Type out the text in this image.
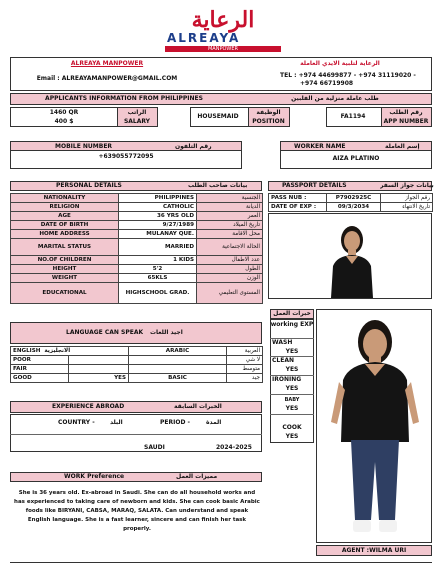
الرعاية
ALREAYA
MANPOWER
ALREAYA MANPOWER	الرعاية لتلبية الايدي العاملة
Email : ALREAYAMANPOWER@GMAIL.COM	TEL : +974 44699877 - +974 31119020 -
+974 66719908
APPLICANTS INFORMATION FROM PHILIPPINES	طلب عاملة منزلية من الفلبين
1460 QR
400 $
الراتب
SALARY
HOUSEMAID
الوظيفة
POSITION
FA1194
رقم الطلب
APP NUMBER
MOBILE NUMBER	رقم التلفون
+639055772095
WORKER NAME	إسم العاملة
AIZA PLATINO
PERSONAL DETAILS	بيانات صاحب الطلب
NATIONALITY	PHILIPPINES	الجنسية
RELIGION	CATHOLIC	الديانة
AGE	36 YRS OLD	العمر
DATE OF BIRTH	9/27/1989	تاريخ الميلاد
HOME ADDRESS	MULANAY QUE.	محل الاقامة
MARITAL STATUS	MARRIED	الحالة الاجتماعية
NO.OF CHILDREN	1 KIDS	عدد الاطفال
HEIGHT	5'2	الطول
WEIGHT	65KLS	الوزن
EDUCATIONAL	HIGHSCHOOL GRAD.	المستوى التعليمي
PASSPORT DETAILS	بيانات جواز السفر
PASS NUB :	P7902925C	رقم الجواز
DATE OF EXP :	09/3/2034	تاريخ الانتهاء
LANGUAGE CAN SPEAK اجيد اللغات
ENGLISH الانجليزية		ARABIC	العربية
POOR			لا شي
FAIR			متوسط
GOOD	YES	BASIC	جيد
EXPERIENCE ABROAD	الخبرات السابقة
COUNTRY -	البلد	PERIOD -	المدة
SAUDI	2024-2025
WORK Preference	مميزات العمل
She is 36 years old. Ex-abroad in Saudi. She can do all household works and has experienced to taking care of newborn and kids. She can cook basic Arabic foods like BIRYANI, CABSA, MARAQ, SALATA. Can understand and speak English language. She is a fast learner, sincere and can finish her task properly.
خبرات العمل
working EXP
WASH
YES
CLEAN
YES
IRONING
YES
BABY
YES
COOK
YES
AGENT :WILMA URI
